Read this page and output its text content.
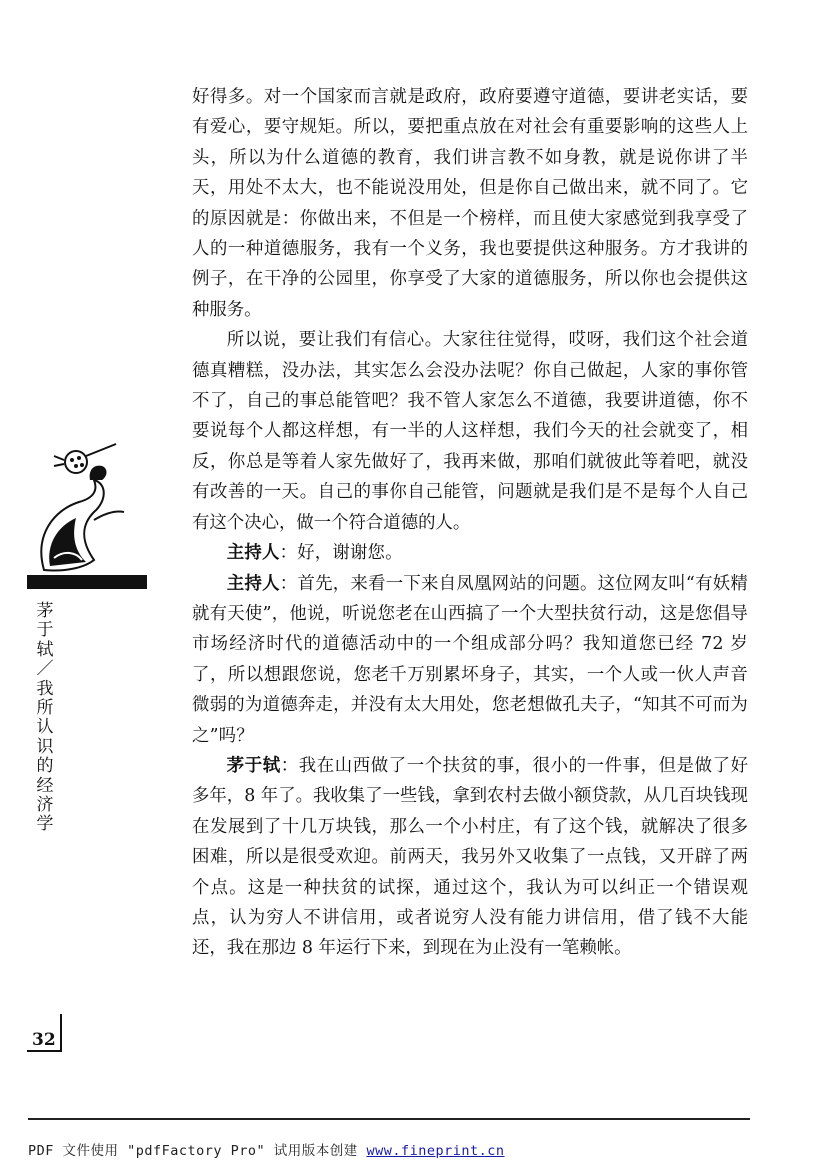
茅于轼／我所认识的经济学

好得多。对一个国家而言就是政府，政府要遵守道德，要讲老实话，要有爱心，要守规矩。所以，要把重点放在对社会有重要影响的这些人上头，所以为什么道德的教育，我们讲言教不如身教，就是说你讲了半天，用处不太大，也不能说没用处，但是你自己做出来，就不同了。它的原因就是：你做出来，不但是一个榜样，而且使大家感觉到我享受了人的一种道德服务，我有一个义务，我也要提供这种服务。方才我讲的例子，在干净的公园里，你享受了大家的道德服务，所以你也会提供这种服务。

所以说，要让我们有信心。大家往往觉得，哎呀，我们这个社会道德真糟糕，没办法，其实怎么会没办法呢？你自己做起，人家的事你管不了，自己的事总能管吧？我不管人家怎么不道德，我要讲道德，你不要说每个人都这样想，有一半的人这样想，我们今天的社会就变了，相反，你总是等着人家先做好了，我再来做，那咱们就彼此等着吧，就没有改善的一天。自己的事你自己能管，问题就是我们是不是每个人自己有这个决心，做一个符合道德的人。

主持人：好，谢谢您。

主持人：首先，来看一下来自凤凰网站的问题。这位网友叫“有妖精就有天使”，他说，听说您老在山西搞了一个大型扶贫行动，这是您倡导市场经济时代的道德活动中的一个组成部分吗？我知道您已经 72 岁了，所以想跟您说，您老千万别累坏身子，其实，一个人或一伙人声音微弱的为道德奔走，并没有太大用处，您老想做孔夫子，“知其不可而为之”吗？

茅于轼：我在山西做了一个扶贫的事，很小的一件事，但是做了好多年，8 年了。我收集了一些钱，拿到农村去做小额贷款，从几百块钱现在发展到了十几万块钱，那么一个小村庄，有了这个钱，就解决了很多困难，所以是很受欢迎。前两天，我另外又收集了一点钱，又开辟了两个点。这是一种扶贫的试探，通过这个，我认为可以纠正一个错误观点，认为穷人不讲信用，或者说穷人没有能力讲信用，借了钱不大能还，我在那边 8 年运行下来，到现在为止没有一笔赖帐。

32
PDF 文件使用 "pdfFactory Pro" 试用版本创建 www.fineprint.cn
